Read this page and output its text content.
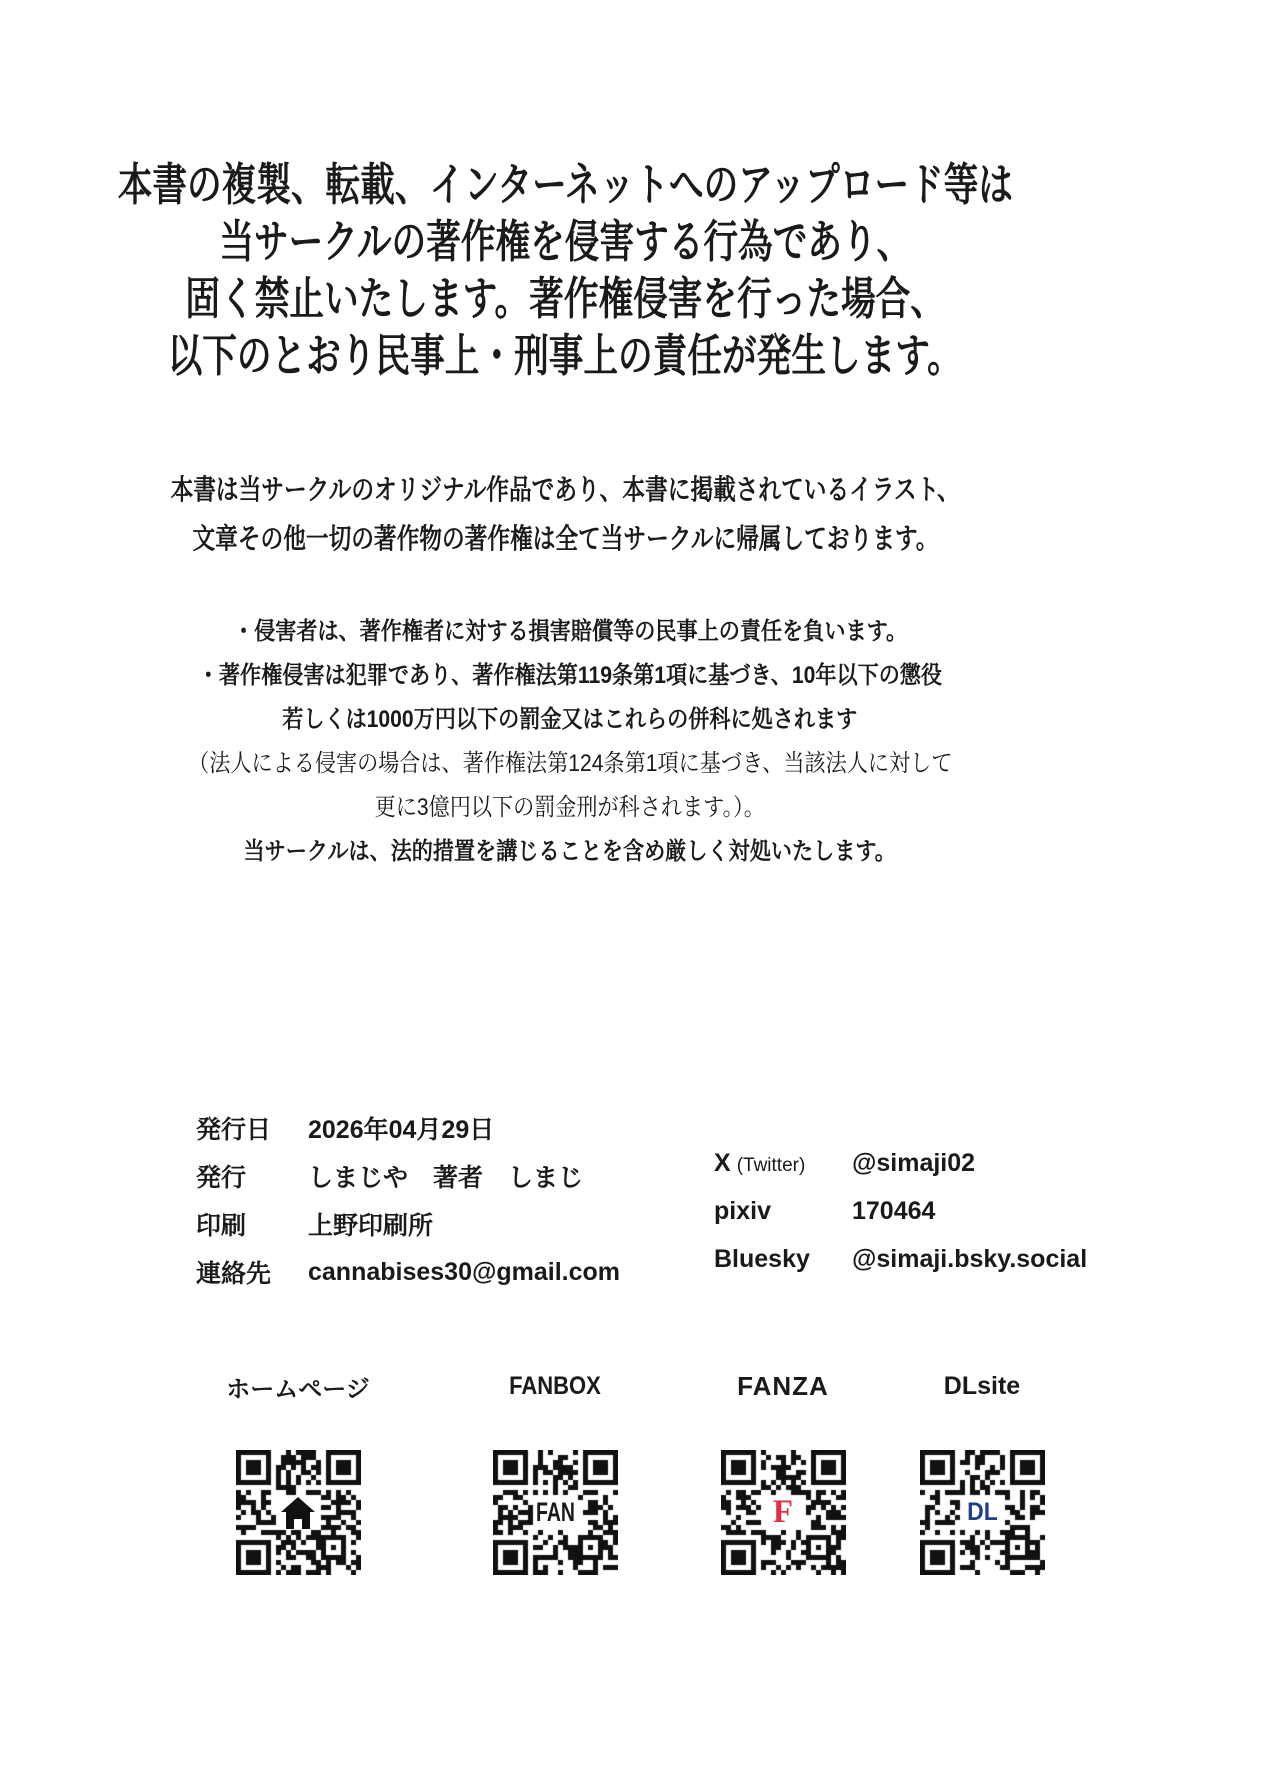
本書の複製、転載、インターネットへのアップロード等は
当サークルの著作権を侵害する行為であり、
固く禁止いたします。著作権侵害を行った場合、
以下のとおり民事上・刑事上の責任が発生します。
本書は当サークルのオリジナル作品であり、本書に掲載されているイラスト、
文章その他一切の著作物の著作権は全て当サークルに帰属しております。
・侵害者は、著作権者に対する損害賠償等の民事上の責任を負います。
・著作権侵害は犯罪であり、著作権法第119条第1項に基づき、10年以下の懲役
若しくは1000万円以下の罰金又はこれらの併科に処されます
（法人による侵害の場合は、著作権法第124条第1項に基づき、当該法人に対して
更に3億円以下の罰金刑が科されます。）。
当サークルは、法的措置を講じることを含め厳しく対処いたします。
発行日	2026年04月29日
発行	しまじや　著者　しまじ
印刷	上野印刷所
連絡先	cannabises30@gmail.com
X (Twitter)	@simaji02
pixiv	170464
Bluesky	@simaji.bsky.social
ホームページ	FANBOX
FAN
FANZA
F
DLsite
DL
